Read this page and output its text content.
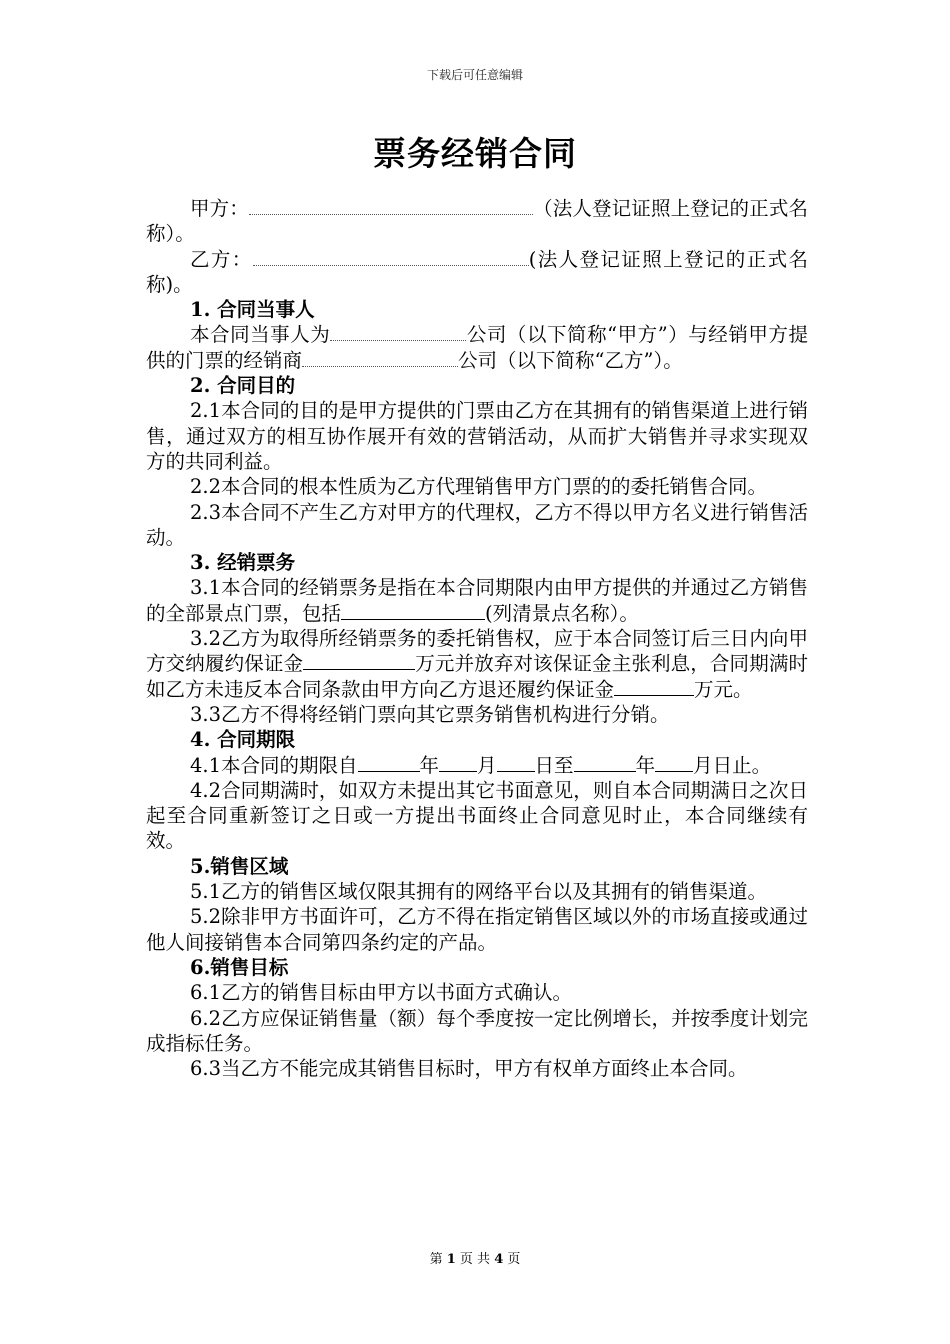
下载后可任意编辑
票务经销合同

甲方：	（法人登记证照上登记的正式名称）。

乙方：	(法人登记证照上登记的正式名称)。

1. 合同当事人

本合同当事人为	公司（以下简称“甲方”）与经销甲方提供的门票的经销商	公司（以下简称“乙方”）。

2. 合同目的

2.1本合同的目的是甲方提供的门票由乙方在其拥有的销售渠道上进行销售，通过双方的相互协作展开有效的营销活动，从而扩大销售并寻求实现双方的共同利益。

2.2本合同的根本性质为乙方代理销售甲方门票的的委托销售合同。

2.3本合同不产生乙方对甲方的代理权，乙方不得以甲方名义进行销售活动。

3. 经销票务

3.1本合同的经销票务是指在本合同期限内由甲方提供的并通过乙方销售的全部景点门票，包括	(列清景点名称）。

3.2乙方为取得所经销票务的委托销售权，应于本合同签订后三日内向甲方交纳履约保证金	万元并放弃对该保证金主张利息，合同期满时如乙方未违反本合同条款由甲方向乙方退还履约保证金	万元。

3.3乙方不得将经销门票向其它票务销售机构进行分销。

4. 合同期限

4.1本合同的期限自	年 月 日至	年 月日止。

4.2合同期满时，如双方未提出其它书面意见，则自本合同期满日之次日起至合同重新签订之日或一方提出书面终止合同意见时止，本合同继续有效。

5.销售区域

5.1乙方的销售区域仅限其拥有的网络平台以及其拥有的销售渠道。

5.2除非甲方书面许可，乙方不得在指定销售区域以外的市场直接或通过他人间接销售本合同第四条约定的产品。

6.销售目标

6.1乙方的销售目标由甲方以书面方式确认。

6.2乙方应保证销售量（额）每个季度按一定比例增长，并按季度计划完成指标任务。

6.3当乙方不能完成其销售目标时，甲方有权单方面终止本合同。

第 1 页 共 4 页
